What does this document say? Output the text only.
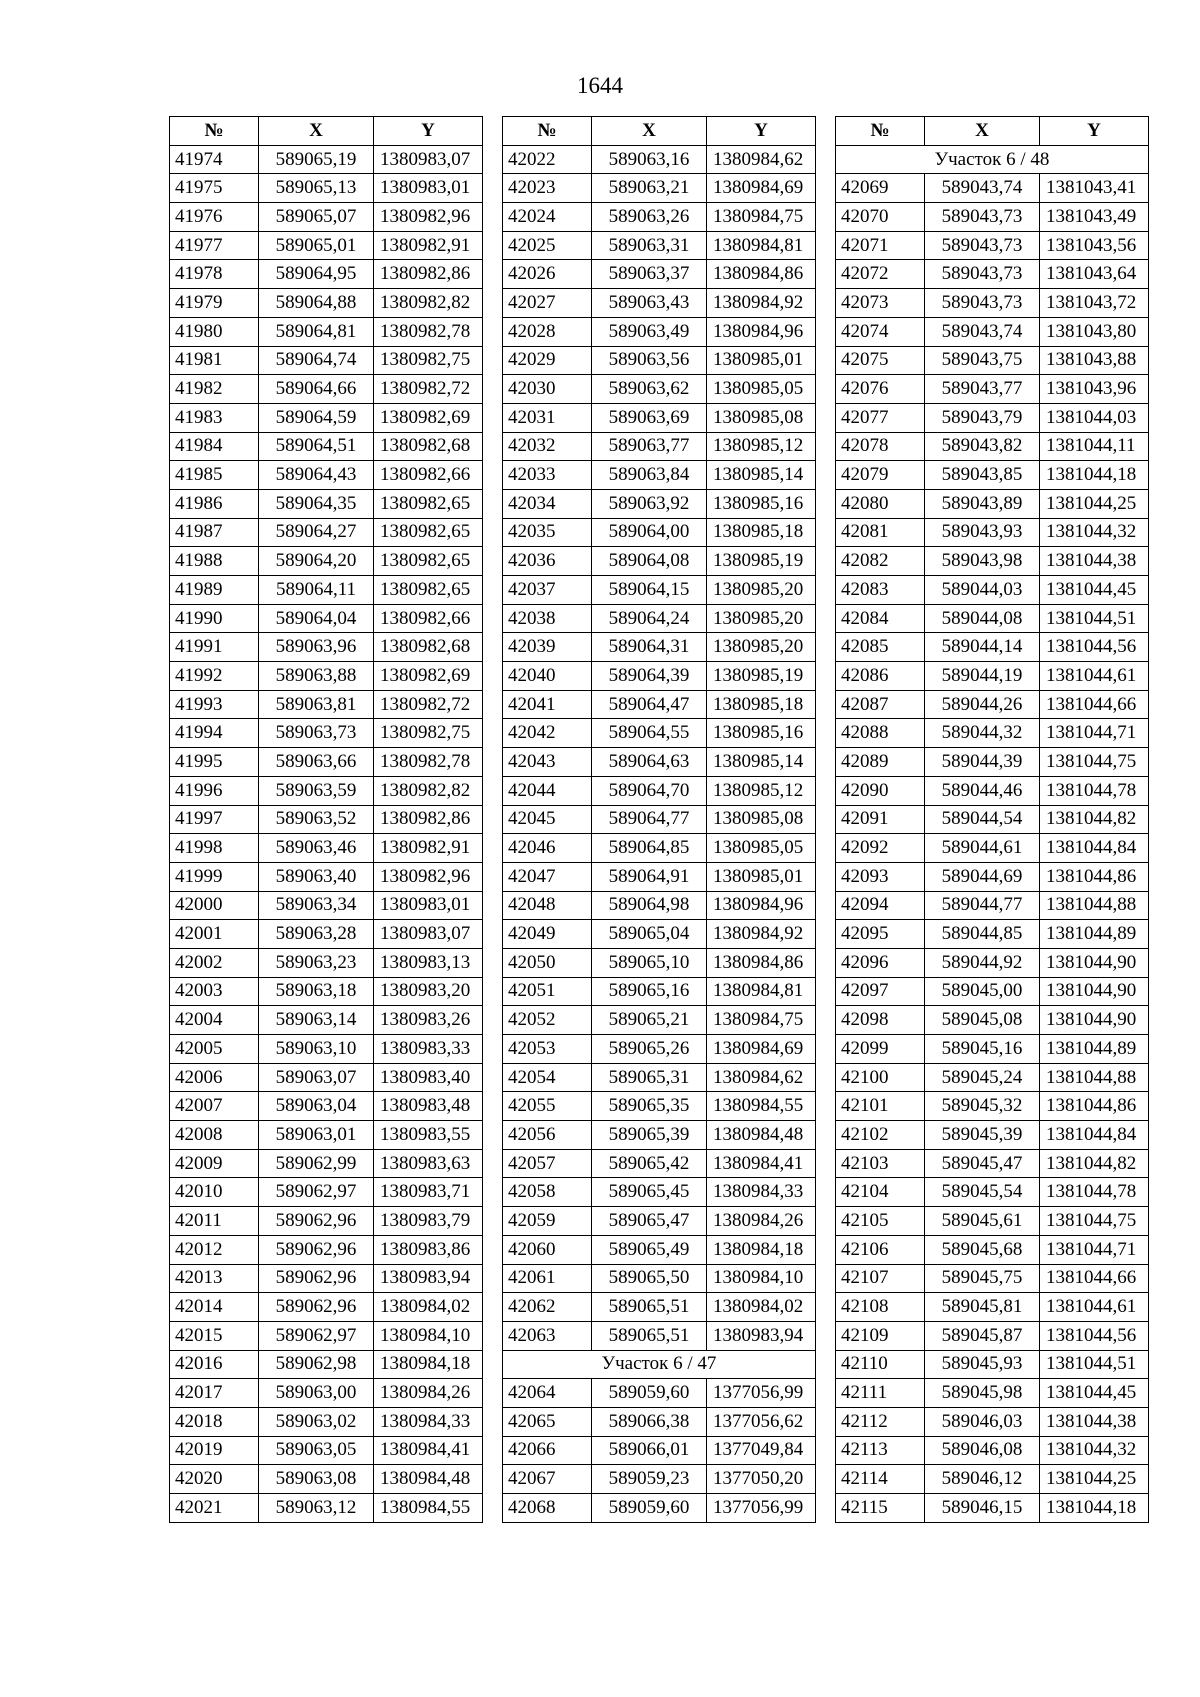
1644
№	X	Y
41974	589065,19	1380983,07
41975	589065,13	1380983,01
41976	589065,07	1380982,96
41977	589065,01	1380982,91
41978	589064,95	1380982,86
41979	589064,88	1380982,82
41980	589064,81	1380982,78
41981	589064,74	1380982,75
41982	589064,66	1380982,72
41983	589064,59	1380982,69
41984	589064,51	1380982,68
41985	589064,43	1380982,66
41986	589064,35	1380982,65
41987	589064,27	1380982,65
41988	589064,20	1380982,65
41989	589064,11	1380982,65
41990	589064,04	1380982,66
41991	589063,96	1380982,68
41992	589063,88	1380982,69
41993	589063,81	1380982,72
41994	589063,73	1380982,75
41995	589063,66	1380982,78
41996	589063,59	1380982,82
41997	589063,52	1380982,86
41998	589063,46	1380982,91
41999	589063,40	1380982,96
42000	589063,34	1380983,01
42001	589063,28	1380983,07
42002	589063,23	1380983,13
42003	589063,18	1380983,20
42004	589063,14	1380983,26
42005	589063,10	1380983,33
42006	589063,07	1380983,40
42007	589063,04	1380983,48
42008	589063,01	1380983,55
42009	589062,99	1380983,63
42010	589062,97	1380983,71
42011	589062,96	1380983,79
42012	589062,96	1380983,86
42013	589062,96	1380983,94
42014	589062,96	1380984,02
42015	589062,97	1380984,10
42016	589062,98	1380984,18
42017	589063,00	1380984,26
42018	589063,02	1380984,33
42019	589063,05	1380984,41
42020	589063,08	1380984,48
42021	589063,12	1380984,55
№	X	Y
42022	589063,16	1380984,62
42023	589063,21	1380984,69
42024	589063,26	1380984,75
42025	589063,31	1380984,81
42026	589063,37	1380984,86
42027	589063,43	1380984,92
42028	589063,49	1380984,96
42029	589063,56	1380985,01
42030	589063,62	1380985,05
42031	589063,69	1380985,08
42032	589063,77	1380985,12
42033	589063,84	1380985,14
42034	589063,92	1380985,16
42035	589064,00	1380985,18
42036	589064,08	1380985,19
42037	589064,15	1380985,20
42038	589064,24	1380985,20
42039	589064,31	1380985,20
42040	589064,39	1380985,19
42041	589064,47	1380985,18
42042	589064,55	1380985,16
42043	589064,63	1380985,14
42044	589064,70	1380985,12
42045	589064,77	1380985,08
42046	589064,85	1380985,05
42047	589064,91	1380985,01
42048	589064,98	1380984,96
42049	589065,04	1380984,92
42050	589065,10	1380984,86
42051	589065,16	1380984,81
42052	589065,21	1380984,75
42053	589065,26	1380984,69
42054	589065,31	1380984,62
42055	589065,35	1380984,55
42056	589065,39	1380984,48
42057	589065,42	1380984,41
42058	589065,45	1380984,33
42059	589065,47	1380984,26
42060	589065,49	1380984,18
42061	589065,50	1380984,10
42062	589065,51	1380984,02
42063	589065,51	1380983,94
Участок 6 / 47		
42064	589059,60	1377056,99
42065	589066,38	1377056,62
42066	589066,01	1377049,84
42067	589059,23	1377050,20
42068	589059,60	1377056,99
№	X	Y
Участок 6 / 48		
42069	589043,74	1381043,41
42070	589043,73	1381043,49
42071	589043,73	1381043,56
42072	589043,73	1381043,64
42073	589043,73	1381043,72
42074	589043,74	1381043,80
42075	589043,75	1381043,88
42076	589043,77	1381043,96
42077	589043,79	1381044,03
42078	589043,82	1381044,11
42079	589043,85	1381044,18
42080	589043,89	1381044,25
42081	589043,93	1381044,32
42082	589043,98	1381044,38
42083	589044,03	1381044,45
42084	589044,08	1381044,51
42085	589044,14	1381044,56
42086	589044,19	1381044,61
42087	589044,26	1381044,66
42088	589044,32	1381044,71
42089	589044,39	1381044,75
42090	589044,46	1381044,78
42091	589044,54	1381044,82
42092	589044,61	1381044,84
42093	589044,69	1381044,86
42094	589044,77	1381044,88
42095	589044,85	1381044,89
42096	589044,92	1381044,90
42097	589045,00	1381044,90
42098	589045,08	1381044,90
42099	589045,16	1381044,89
42100	589045,24	1381044,88
42101	589045,32	1381044,86
42102	589045,39	1381044,84
42103	589045,47	1381044,82
42104	589045,54	1381044,78
42105	589045,61	1381044,75
42106	589045,68	1381044,71
42107	589045,75	1381044,66
42108	589045,81	1381044,61
42109	589045,87	1381044,56
42110	589045,93	1381044,51
42111	589045,98	1381044,45
42112	589046,03	1381044,38
42113	589046,08	1381044,32
42114	589046,12	1381044,25
42115	589046,15	1381044,18
